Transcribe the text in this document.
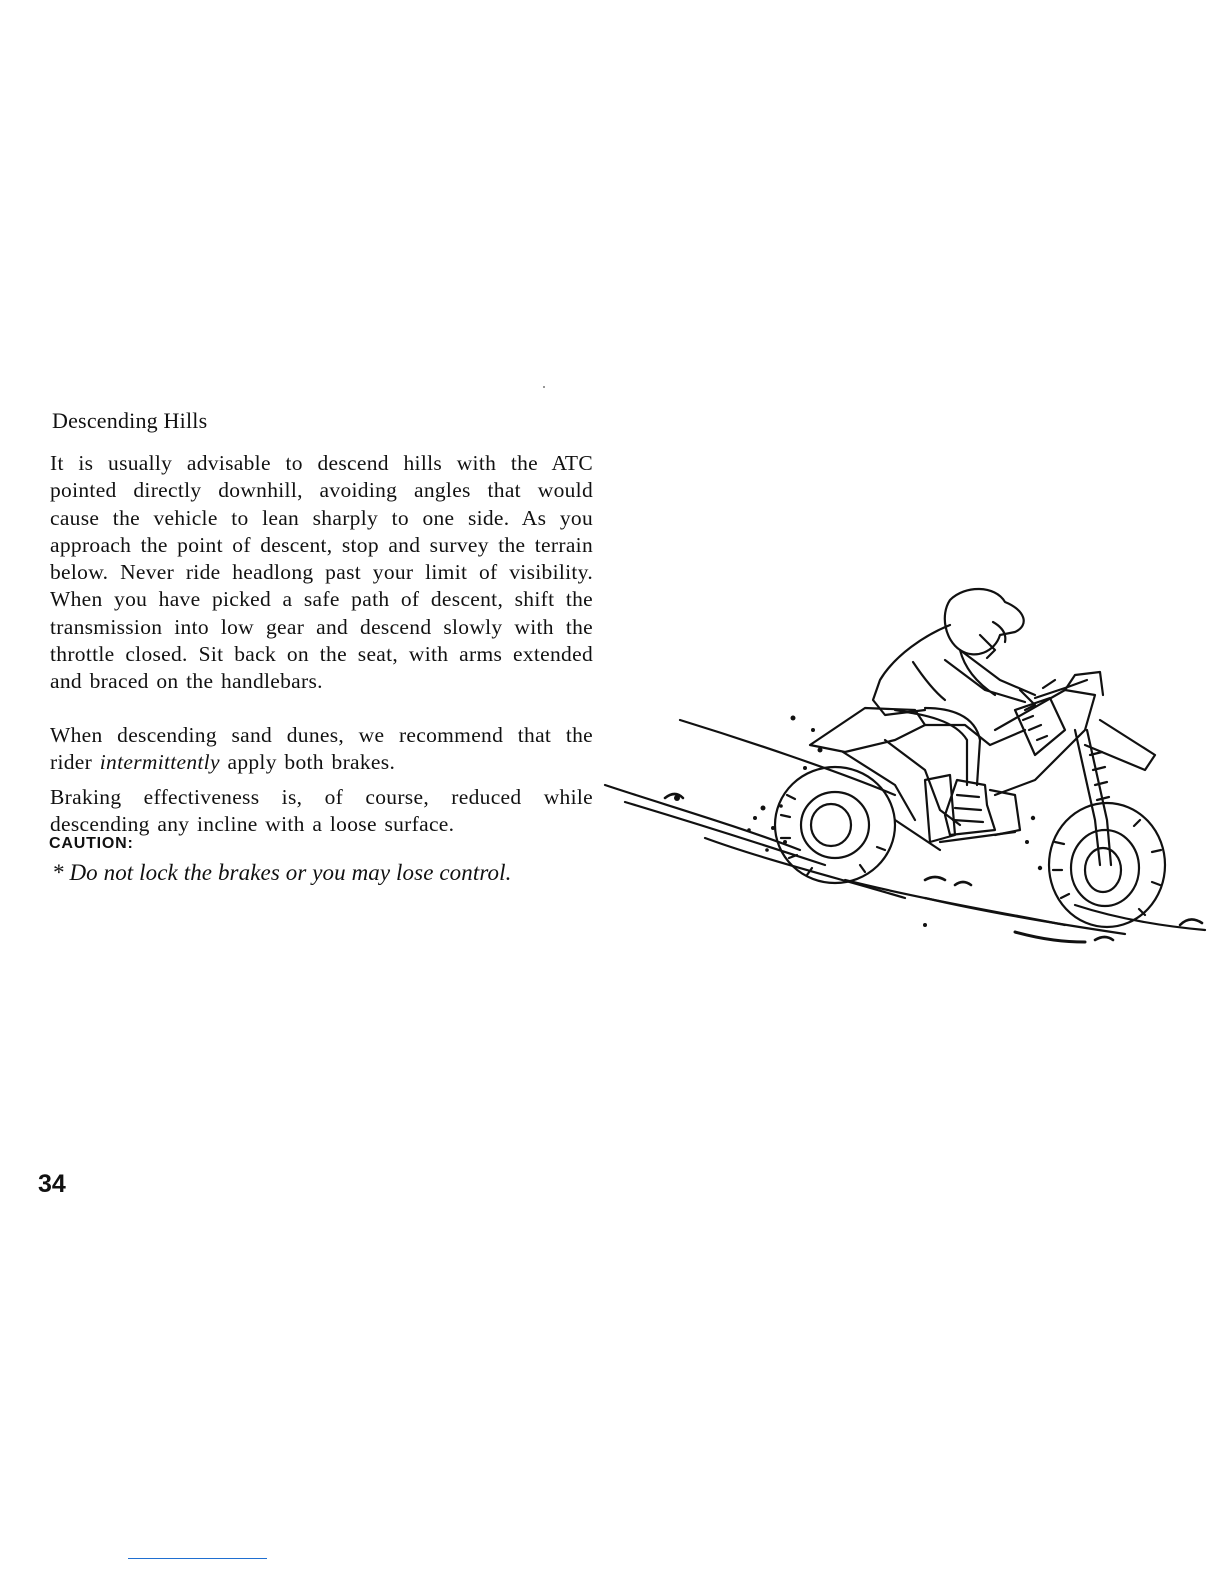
Descending Hills

It is usually advisable to descend hills with the ATC pointed directly downhill, avoiding angles that would cause the vehicle to lean sharply to one side. As you approach the point of descent, stop and survey the terrain below. Never ride headlong past your limit of visibility. When you have picked a safe path of descent, shift the transmission into low gear and descend slowly with the throttle closed. Sit back on the seat, with arms extended and braced on the handlebars.

When descending sand dunes, we recommend that the rider intermittently apply both brakes.

Braking effectiveness is, of course, reduced while descending any incline with a loose surface.

CAUTION:

* Do not lock the brakes or you may lose control.

34
